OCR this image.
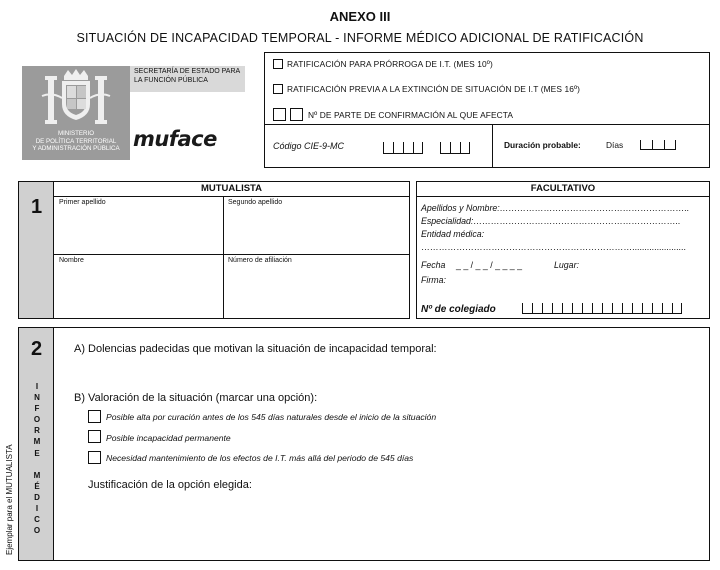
ANEXO III
SITUACIÓN DE INCAPACIDAD TEMPORAL - INFORME MÉDICO ADICIONAL DE RATIFICACIÓN
SECRETARÍA DE ESTADO PARA
LA FUNCIÓN PÚBLICA
MINISTERIO
DE POLÍTICA TERRITORIAL
Y ADMINISTRACIÓN PÚBLICA muface
RATIFICACIÓN PARA PRÓRROGA DE I.T. (MES 10º)
RATIFICACIÓN PREVIA A LA EXTINCIÓN DE SITUACIÓN DE I.T (MES 16º)
Nº DE PARTE DE CONFIRMACIÓN AL QUE AFECTA
Código CIE-9-MC	Duración probable:	Días
1
MUTUALISTA
Primer apellido	Segundo apellido
Nombre	Número de afiliación
FACULTATIVO
Apellidos y Nombre:………………………………………………………..
Especialidad:……………………………………………………………..
Entidad médica:
………………………………………………………………......................
Fecha _ _ / _ _ / _ _ _ _	Lugar:
Firma:
Nº de colegiado
2
I
N
F
O
R
M
E
M
É
D
I
C
O
Ejemplar para el MUTUALISTA
A) Dolencias padecidas que motivan la situación de incapacidad temporal:
B) Valoración de la situación (marcar una opción):
Posible alta por curación antes de los 545 días naturales desde el inicio de la situación
Posible incapacidad permanente
Necesidad mantenimiento de los efectos de I.T. más allá del periodo de 545 días
Justificación de la opción elegida:
